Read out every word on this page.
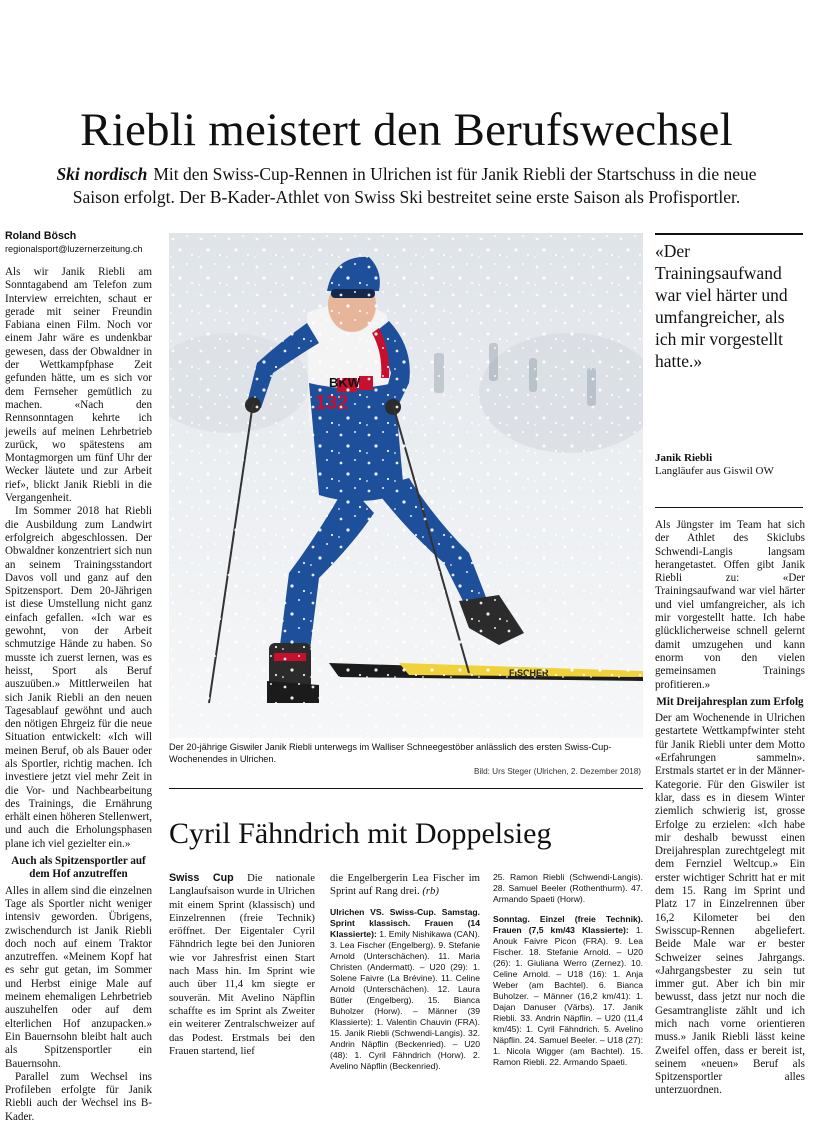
Riebli meistert den Berufswechsel
Ski nordisch Mit den Swiss-Cup-Rennen in Ulrichen ist für Janik Riebli der Startschuss in die neue Saison erfolgt. Der B-Kader-Athlet von Swiss Ski bestreitet seine erste Saison als Profisportler.
Roland Bösch
regionalsport@luzernerzeitung.ch

Als wir Janik Riebli am Sonntagabend am Telefon zum Interview erreichten, schaut er gerade mit seiner Freundin Fabiana einen Film. Noch vor einem Jahr wäre es undenkbar gewesen, dass der Obwaldner in der Wettkampfphase Zeit gefunden hätte, um es sich vor dem Fernseher gemütlich zu machen. «Nach den Rennsonntagen kehrte ich jeweils auf meinen Lehrbetrieb zurück, wo spätestens am Montagmorgen um fünf Uhr der Wecker läutete und zur Arbeit rief», blickt Janik Riebli in die Vergangenheit.

Im Sommer 2018 hat Riebli die Ausbildung zum Landwirt erfolgreich abgeschlossen. Der Obwaldner konzentriert sich nun an seinem Trainingsstandort Davos voll und ganz auf den Spitzensport. Dem 20-Jährigen ist diese Umstellung nicht ganz einfach gefallen. «Ich war es gewohnt, von der Arbeit schmutzige Hände zu haben. So musste ich zuerst lernen, was es heisst, Sport als Beruf auszuüben.» Mittlerweilen hat sich Janik Riebli an den neuen Tagesablauf gewöhnt und auch den nötigen Ehrgeiz für die neue Situation entwickelt: «Ich will meinen Beruf, ob als Bauer oder als Sportler, richtig machen. Ich investiere jetzt viel mehr Zeit in die Vor- und Nachbearbeitung des Trainings, die Ernährung erhält einen höheren Stellenwert, und auch die Erholungsphasen plane ich viel gezielter ein.»

Auch als Spitzensportler auf dem Hof anzutreffen

Alles in allem sind die einzelnen Tage als Sportler nicht weniger intensiv geworden. Übrigens, zwischendurch ist Janik Riebli doch noch auf einem Traktor anzutreffen. «Meinem Kopf hat es sehr gut getan, im Sommer und Herbst einige Male auf meinem ehemaligen Lehrbetrieb auszuhelfen oder auf dem elterlichen Hof anzupacken.» Ein Bauernsohn bleibt halt auch als Spitzensportler ein Bauernsohn.

Parallel zum Wechsel ins Profileben erfolgte für Janik Riebli auch der Wechsel ins B-Kader.

Der 20-jährige Giswiler Janik Riebli unterwegs im Walliser Schneegestöber anlässlich des ersten Swiss-Cup-Wochenendes in Ulrichen.
Bild: Urs Steger (Ulrichen, 2. Dezember 2018)
«Der Trainingsaufwand war viel härter und umfangreicher, als ich mir vorgestellt hatte.»
Janik Riebli
Langläufer aus Giswil OW

Als Jüngster im Team hat sich der Athlet des Skiclubs Schwendi-Langis langsam herangetastet. Offen gibt Janik Riebli zu: «Der Trainingsaufwand war viel härter und viel umfangreicher, als ich mir vorgestellt hatte. Ich habe glücklicherweise schnell gelernt damit umzugehen und kann enorm von den vielen gemeinsamen Trainings profitieren.»

Mit Dreijahresplan zum Erfolg

Der am Wochenende in Ulrichen gestartete Wettkampfwinter steht für Janik Riebli unter dem Motto «Erfahrungen sammeln». Erstmals startet er in der Männer-Kategorie. Für den Giswiler ist klar, dass es in diesem Winter ziemlich schwierig ist, grosse Erfolge zu erzielen: «Ich habe mir deshalb bewusst einen Dreijahresplan zurechtgelegt mit dem Fernziel Weltcup.» Ein erster wichtiger Schritt hat er mit dem 15. Rang im Sprint und Platz 17 in Einzelrennen über 16,2 Kilometer bei den Swisscup-Rennen abgeliefert. Beide Male war er bester Schweizer seines Jahrgangs. «Jahrgangsbester zu sein tut immer gut. Aber ich bin mir bewusst, dass jetzt nur noch die Gesamtrangliste zählt und ich mich nach vorne orientieren muss.» Janik Riebli lässt keine Zweifel offen, dass er bereit ist, seinem «neuen» Beruf als Spitzensportler alles unterzuordnen.

Cyril Fähndrich mit Doppelsieg

Swiss Cup Die nationale Langlaufsaison wurde in Ulrichen mit einem Sprint (klassisch) und Einzelrennen (freie Technik) eröffnet. Der Eigentaler Cyril Fähndrich legte bei den Junioren wie vor Jahresfrist einen Start nach Mass hin. Im Sprint wie auch über 11,4 km siegte er souverän. Mit Avelino Näpflin schaffte es im Sprint als Zweiter ein weiterer Zentralschweizer auf das Podest. Erstmals bei den Frauen startend, lief

die Engelbergerin Lea Fischer im Sprint auf Rang drei. (rb)

Ulrichen VS. Swiss-Cup. Samstag. Sprint klassisch. Frauen (14 Klassierte): 1. Emily Nishikawa (CAN). 3. Lea Fischer (Engelberg). 9. Stefanie Arnold (Unterschächen). 11. Maria Christen (Andermatt). – U20 (29): 1. Solene Faivre (La Brévine). 11. Celine Arnold (Unterschächen). 12. Laura Bütler (Engelberg). 15. Bianca Buholzer (Horw). – Männer (39 Klassierte): 1. Valentin Chauvin (FRA). 15. Janik Riebli (Schwendi-Langis). 32. Andrin Näpflin (Beckenried). – U20 (48): 1. Cyril Fähndrich (Horw). 2. Avelino Näpflin (Beckenried).

25. Ramon Riebli (Schwendi-Langis). 28. Samuel Beeler (Rothenthurm). 47. Armando Spaeti (Horw).

Sonntag. Einzel (freie Technik). Frauen (7,5 km/43 Klassierte): 1. Anouk Faivre Picon (FRA). 9. Lea Fischer. 18. Stefanie Arnold. – U20 (26): 1. Giuliana Werro (Zernez). 10. Celine Arnold. – U18 (16): 1. Anja Weber (am Bachtel). 6. Bianca Buholzer. – Männer (16,2 km/41): 1. Dajan Danuser (Värbs). 17. Janik Riebli. 33. Andrin Näpflin. – U20 (11,4 km/45): 1. Cyril Fähndrich. 5. Avelino Näpflin. 24. Samuel Beeler. – U18 (27): 1. Nicola Wigger (am Bachtel). 15. Ramon Riebli. 22. Armando Spaeti.
